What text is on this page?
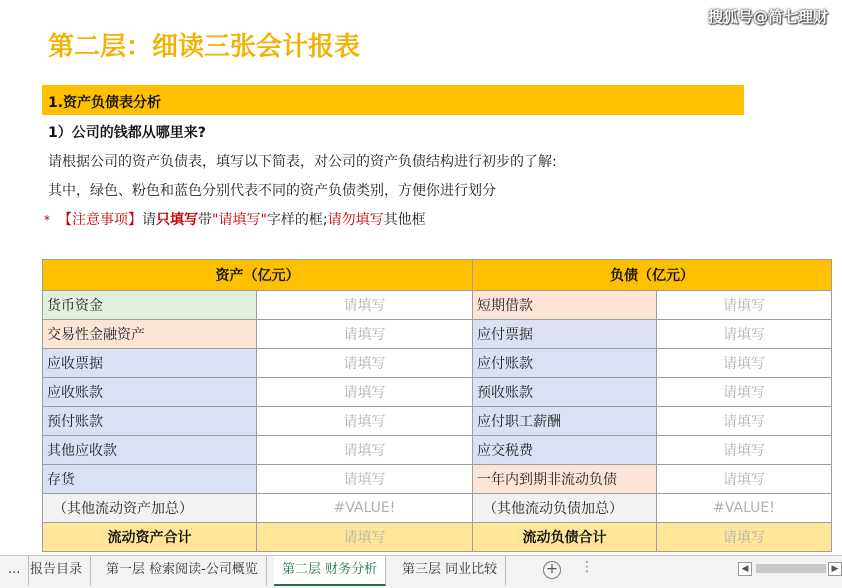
搜狐号@简七理财
第二层：细读三张会计报表
1.资产负债表分析
1）公司的钱都从哪里来?
请根据公司的资产负债表，填写以下简表，对公司的资产负债结构进行初步的了解:
其中，绿色、粉色和蓝色分别代表不同的资产负债类别，方便你进行划分
* 【注意事项】请只填写带"请填写"字样的框;请勿填写其他框
资产（亿元）		负债（亿元）	
货币资金	请填写	短期借款	请填写
交易性金融资产	请填写	应付票据	请填写
应收票据	请填写	应付账款	请填写
应收账款	请填写	预收账款	请填写
预付账款	请填写	应付职工薪酬	请填写
其他应收款	请填写	应交税费	请填写
存货	请填写	一年内到期非流动负债	请填写
（其他流动资产加总）	#VALUE!	（其他流动负债加总）	#VALUE!
流动资产合计	请填写	流动负债合计	请填写
... 报告目录	第一层 检索阅读-公司概览	第二层 财务分析	第三层 同业比较	+ ⋮	◀	▶
